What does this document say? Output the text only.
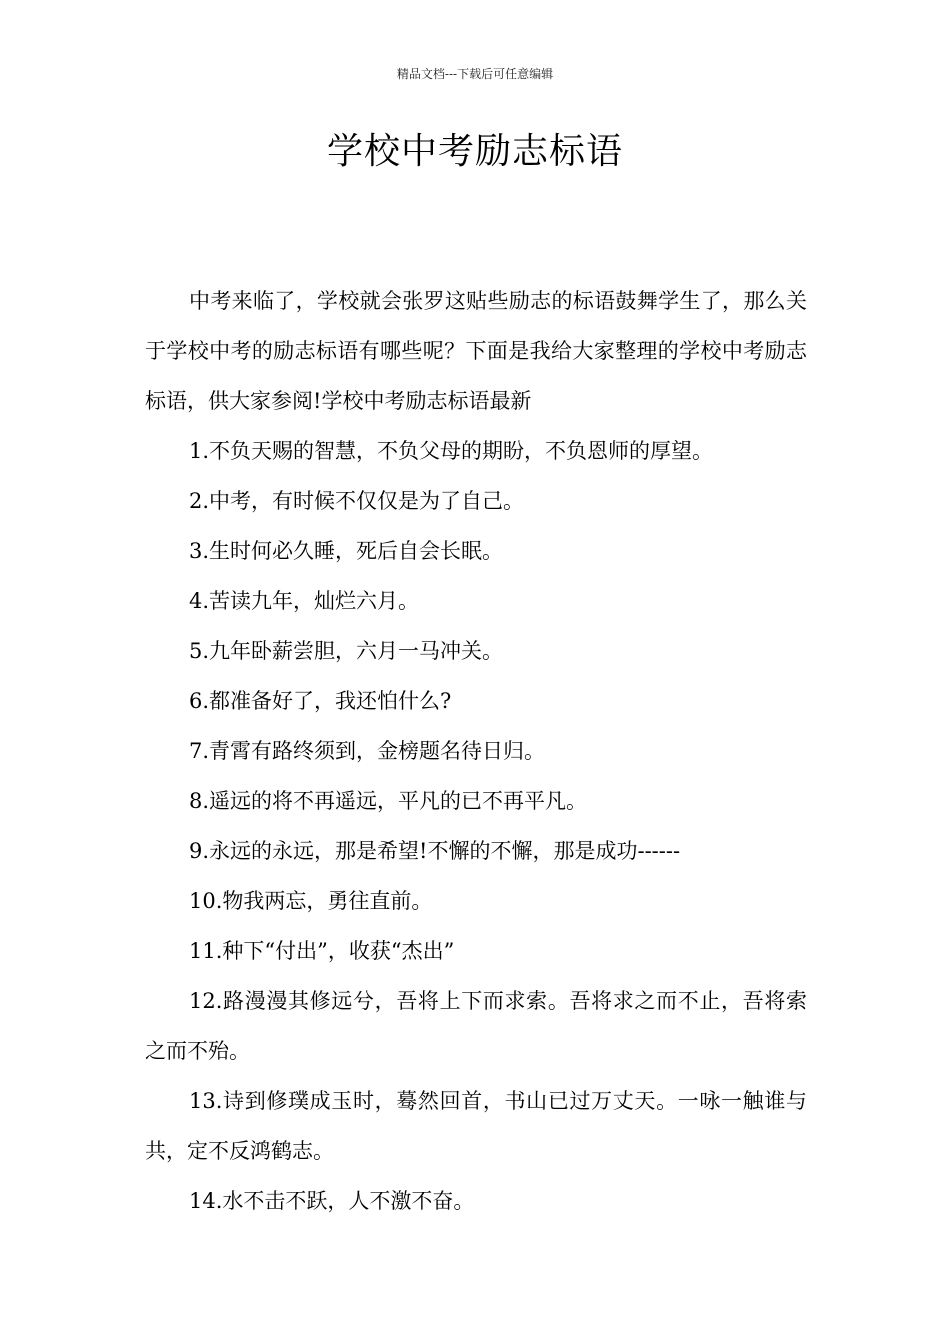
精品文档---下载后可任意编辑
学校中考励志标语

中考来临了，学校就会张罗这贴些励志的标语鼓舞学生了，那么关于学校中考的励志标语有哪些呢？下面是我给大家整理的学校中考励志标语，供大家参阅!学校中考励志标语最新

1.不负天赐的智慧，不负父母的期盼，不负恩师的厚望。

2.中考，有时候不仅仅是为了自己。

3.生时何必久睡，死后自会长眠。

4.苦读九年，灿烂六月。

5.九年卧薪尝胆，六月一马冲关。

6.都准备好了，我还怕什么?

7.青霄有路终须到，金榜题名待日归。

8.遥远的将不再遥远，平凡的已不再平凡。

9.永远的永远，那是希望!不懈的不懈，那是成功------

10.物我两忘，勇往直前。

11.种下“付出”，收获“杰出”

12.路漫漫其修远兮，吾将上下而求索。吾将求之而不止，吾将索之而不殆。

13.诗到修璞成玉时，蓦然回首，书山已过万丈天。一咏一触谁与共，定不反鸿鹤志。

14.水不击不跃，人不激不奋。
